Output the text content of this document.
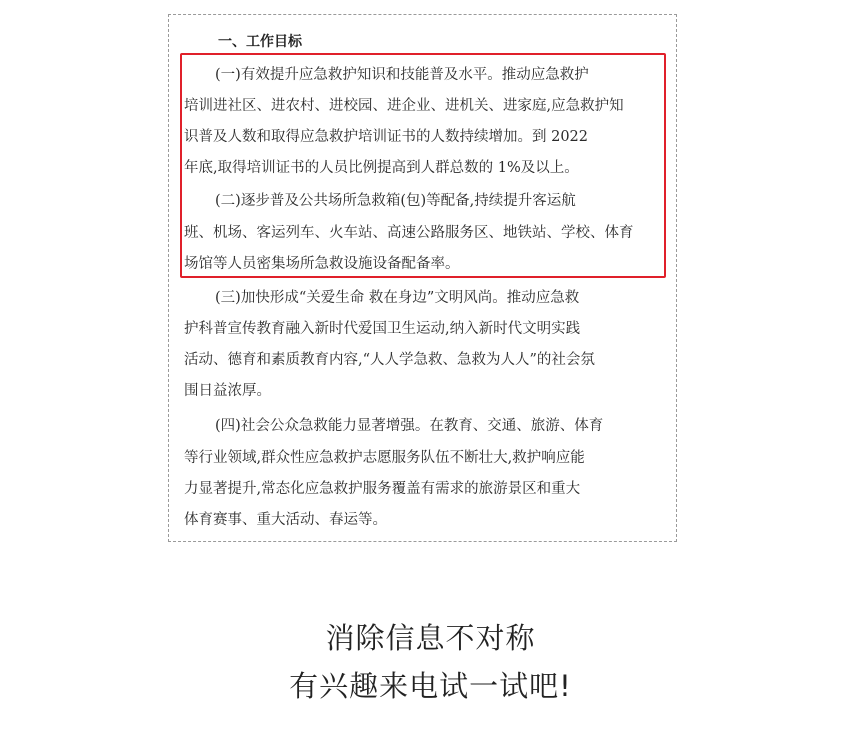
一、工作目标
(一)有效提升应急救护知识和技能普及水平。推动应急救护
培训进社区、进农村、进校园、进企业、进机关、进家庭,应急救护知
识普及人数和取得应急救护培训证书的人数持续增加。到 2022
年底,取得培训证书的人员比例提高到人群总数的 1%及以上。
(二)逐步普及公共场所急救箱(包)等配备,持续提升客运航
班、机场、客运列车、火车站、高速公路服务区、地铁站、学校、体育
场馆等人员密集场所急救设施设备配备率。
(三)加快形成“关爱生命 救在身边”文明风尚。推动应急救
护科普宣传教育融入新时代爱国卫生运动,纳入新时代文明实践
活动、德育和素质教育内容,“人人学急救、急救为人人”的社会氛
围日益浓厚。
(四)社会公众急救能力显著增强。在教育、交通、旅游、体育
等行业领域,群众性应急救护志愿服务队伍不断壮大,救护响应能
力显著提升,常态化应急救护服务覆盖有需求的旅游景区和重大
体育赛事、重大活动、春运等。
消除信息不对称
有兴趣来电试一试吧!
